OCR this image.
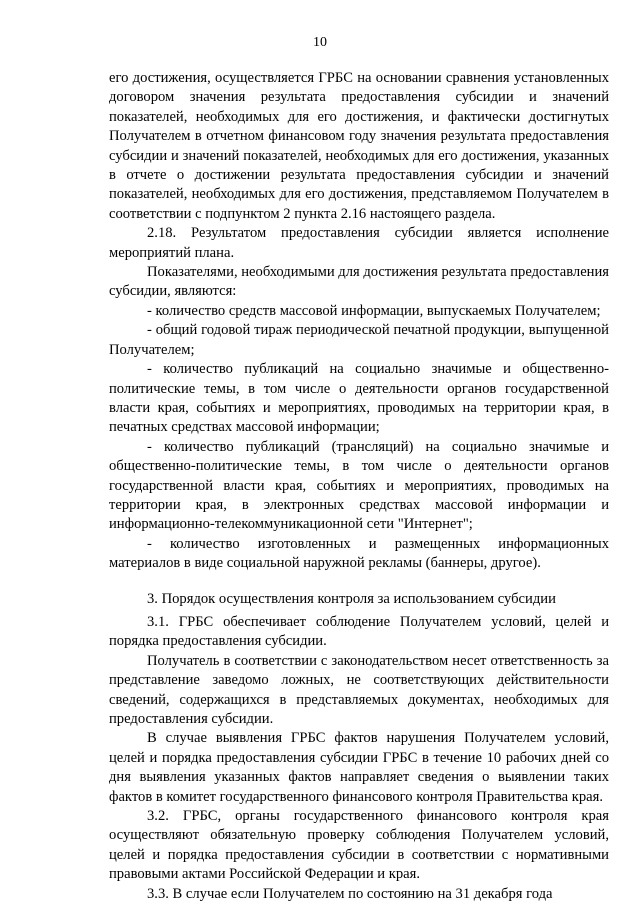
10

его достижения, осуществляется ГРБС на основании сравнения установленных договором значения результата предоставления субсидии и значений показателей, необходимых для его достижения, и фактически достигнутых Получателем в отчетном финансовом году значения результата предоставления субсидии и значений показателей, необходимых для его достижения, указанных в отчете о достижении результата предоставления субсидии и значений показателей, необходимых для его достижения, представляемом Получателем в соответствии с подпунктом 2 пункта 2.16 настоящего раздела.

2.18. Результатом предоставления субсидии является исполнение мероприятий плана.

Показателями, необходимыми для достижения результата предоставления субсидии, являются:

- количество средств массовой информации, выпускаемых Получателем;

- общий годовой тираж периодической печатной продукции, выпущенной Получателем;

- количество публикаций на социально значимые и общественно-политические темы, в том числе о деятельности органов государственной власти края, событиях и мероприятиях, проводимых на территории края, в печатных средствах массовой информации;

- количество публикаций (трансляций) на социально значимые и общественно-политические темы, в том числе о деятельности органов государственной власти края, событиях и мероприятиях, проводимых на территории края, в электронных средствах массовой информации и информационно-телекоммуникационной сети "Интернет";

- количество изготовленных и размещенных информационных материалов в виде социальной наружной рекламы (баннеры, другое).

3. Порядок осуществления контроля за использованием субсидии

3.1. ГРБС обеспечивает соблюдение Получателем условий, целей и порядка предоставления субсидии.

Получатель в соответствии с законодательством несет ответственность за представление заведомо ложных, не соответствующих действительности сведений, содержащихся в представляемых документах, необходимых для предоставления субсидии.

В случае выявления ГРБС фактов нарушения Получателем условий, целей и порядка предоставления субсидии ГРБС в течение 10 рабочих дней со дня выявления указанных фактов направляет сведения о выявлении таких фактов в комитет государственного финансового контроля Правительства края.

3.2. ГРБС, органы государственного финансового контроля края осуществляют обязательную проверку соблюдения Получателем условий, целей и порядка предоставления субсидии в соответствии с нормативными правовыми актами Российской Федерации и края.

3.3. В случае если Получателем по состоянию на 31 декабря года
